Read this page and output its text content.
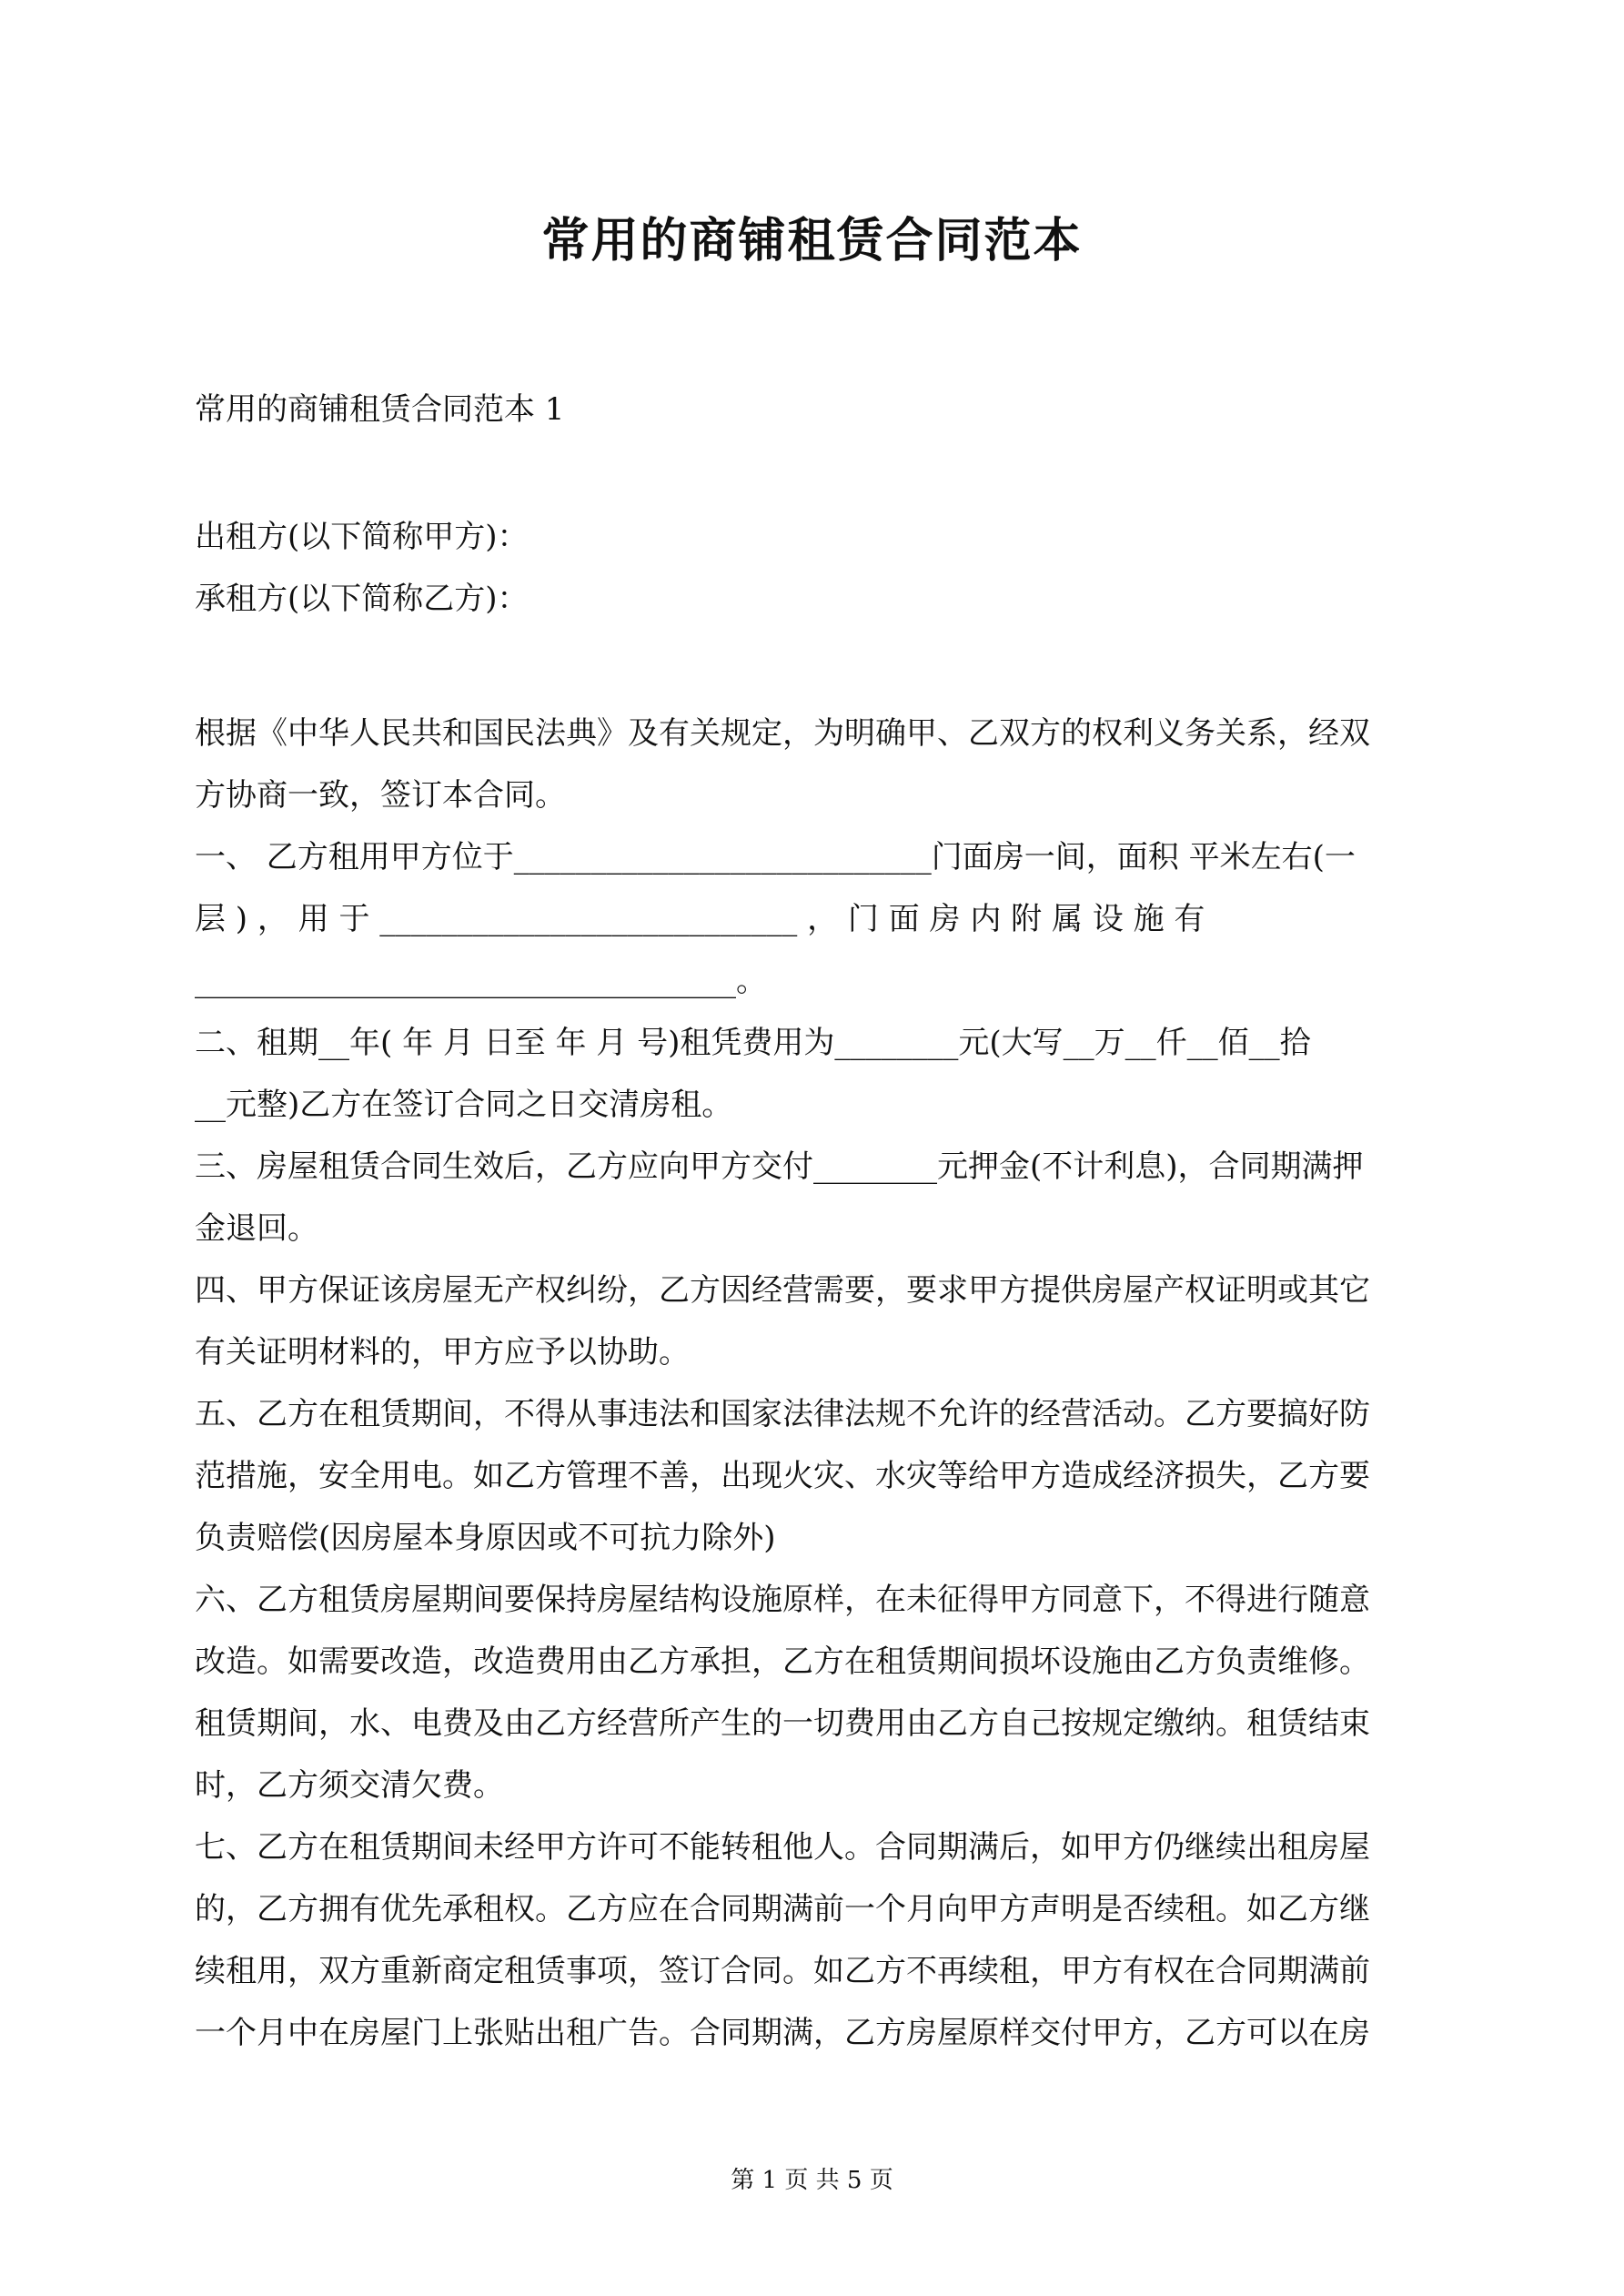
常用的商铺租赁合同范本
常用的商铺租赁合同范本 1
出租方(以下简称甲方)：
承租方(以下简称乙方)：
根据《中华人民共和国民法典》及有关规定，为明确甲、乙双方的权利义务关系，经双
方协商一致，签订本合同。
一、 乙方租用甲方位于___________________________门面房一间，面积 平米左右(一
层 ) ， 用 于 ___________________________ ， 门 面 房 内 附 属 设 施 有
___________________________________。
二、租期__年( 年 月 日至 年 月 号)租凭费用为________元(大写__万__仟__佰__拾
__元整)乙方在签订合同之日交清房租。
三、房屋租赁合同生效后，乙方应向甲方交付________元押金(不计利息)，合同期满押
金退回。
四、甲方保证该房屋无产权纠纷，乙方因经营需要，要求甲方提供房屋产权证明或其它
有关证明材料的，甲方应予以协助。
五、乙方在租赁期间，不得从事违法和国家法律法规不允许的经营活动。乙方要搞好防
范措施，安全用电。如乙方管理不善，出现火灾、水灾等给甲方造成经济损失，乙方要
负责赔偿(因房屋本身原因或不可抗力除外)
六、乙方租赁房屋期间要保持房屋结构设施原样，在未征得甲方同意下，不得进行随意
改造。如需要改造，改造费用由乙方承担，乙方在租赁期间损坏设施由乙方负责维修。
租赁期间，水、电费及由乙方经营所产生的一切费用由乙方自己按规定缴纳。租赁结束
时，乙方须交清欠费。
七、乙方在租赁期间未经甲方许可不能转租他人。合同期满后，如甲方仍继续出租房屋
的，乙方拥有优先承租权。乙方应在合同期满前一个月向甲方声明是否续租。如乙方继
续租用，双方重新商定租赁事项，签订合同。如乙方不再续租，甲方有权在合同期满前
一个月中在房屋门上张贴出租广告。合同期满，乙方房屋原样交付甲方，乙方可以在房
第 1 页 共 5 页
